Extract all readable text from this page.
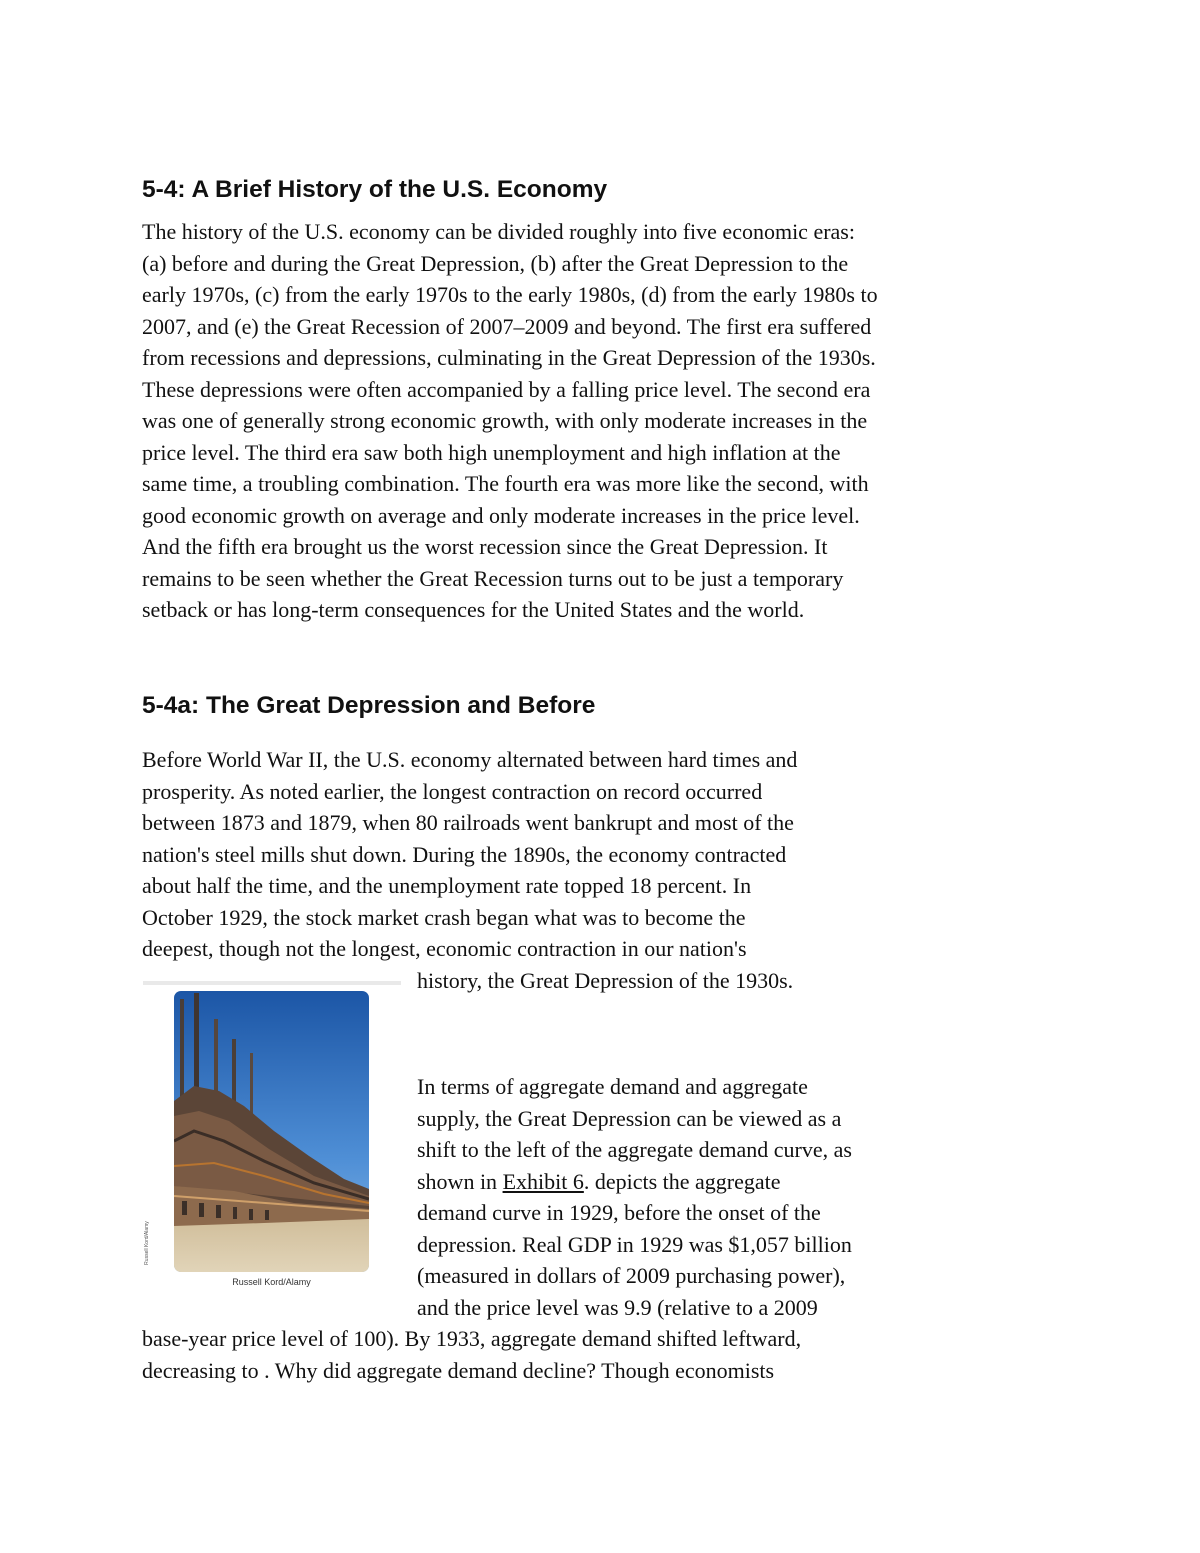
5-4: A Brief History of the U.S. Economy

The history of the U.S. economy can be divided roughly into five economic eras:

(a) before and during the Great Depression, (b) after the Great Depression to the

early 1970s, (c) from the early 1970s to the early 1980s, (d) from the early 1980s to

2007, and (e) the Great Recession of 2007–2009 and beyond. The first era suffered

from recessions and depressions, culminating in the Great Depression of the 1930s.

These depressions were often accompanied by a falling price level. The second era

was one of generally strong economic growth, with only moderate increases in the

price level. The third era saw both high unemployment and high inflation at the

same time, a troubling combination. The fourth era was more like the second, with

good economic growth on average and only moderate increases in the price level.

And the fifth era brought us the worst recession since the Great Depression. It

remains to be seen whether the Great Recession turns out to be just a temporary

setback or has long-term consequences for the United States and the world.

5-4a: The Great Depression and Before

Before World War II, the U.S. economy alternated between hard times and

prosperity. As noted earlier, the longest contraction on record occurred

between 1873 and 1879, when 80 railroads went bankrupt and most of the

nation's steel mills shut down. During the 1890s, the economy contracted

about half the time, and the unemployment rate topped 18 percent. In

October 1929, the stock market crash began what was to become the

deepest, though not the longest, economic contraction in our nation's

history, the Great Depression of the 1930s.

In terms of aggregate demand and aggregate

supply, the Great Depression can be viewed as a

shift to the left of the aggregate demand curve, as

shown in Exhibit 6. depicts the aggregate

demand curve in 1929, before the onset of the

depression. Real GDP in 1929 was $1,057 billion

(measured in dollars of 2009 purchasing power),

and the price level was 9.9 (relative to a 2009

base-year price level of 100). By 1933, aggregate demand shifted leftward,

decreasing to . Why did aggregate demand decline? Though economists

Russell Kord/Alamy
Russell Kord/Alamy
